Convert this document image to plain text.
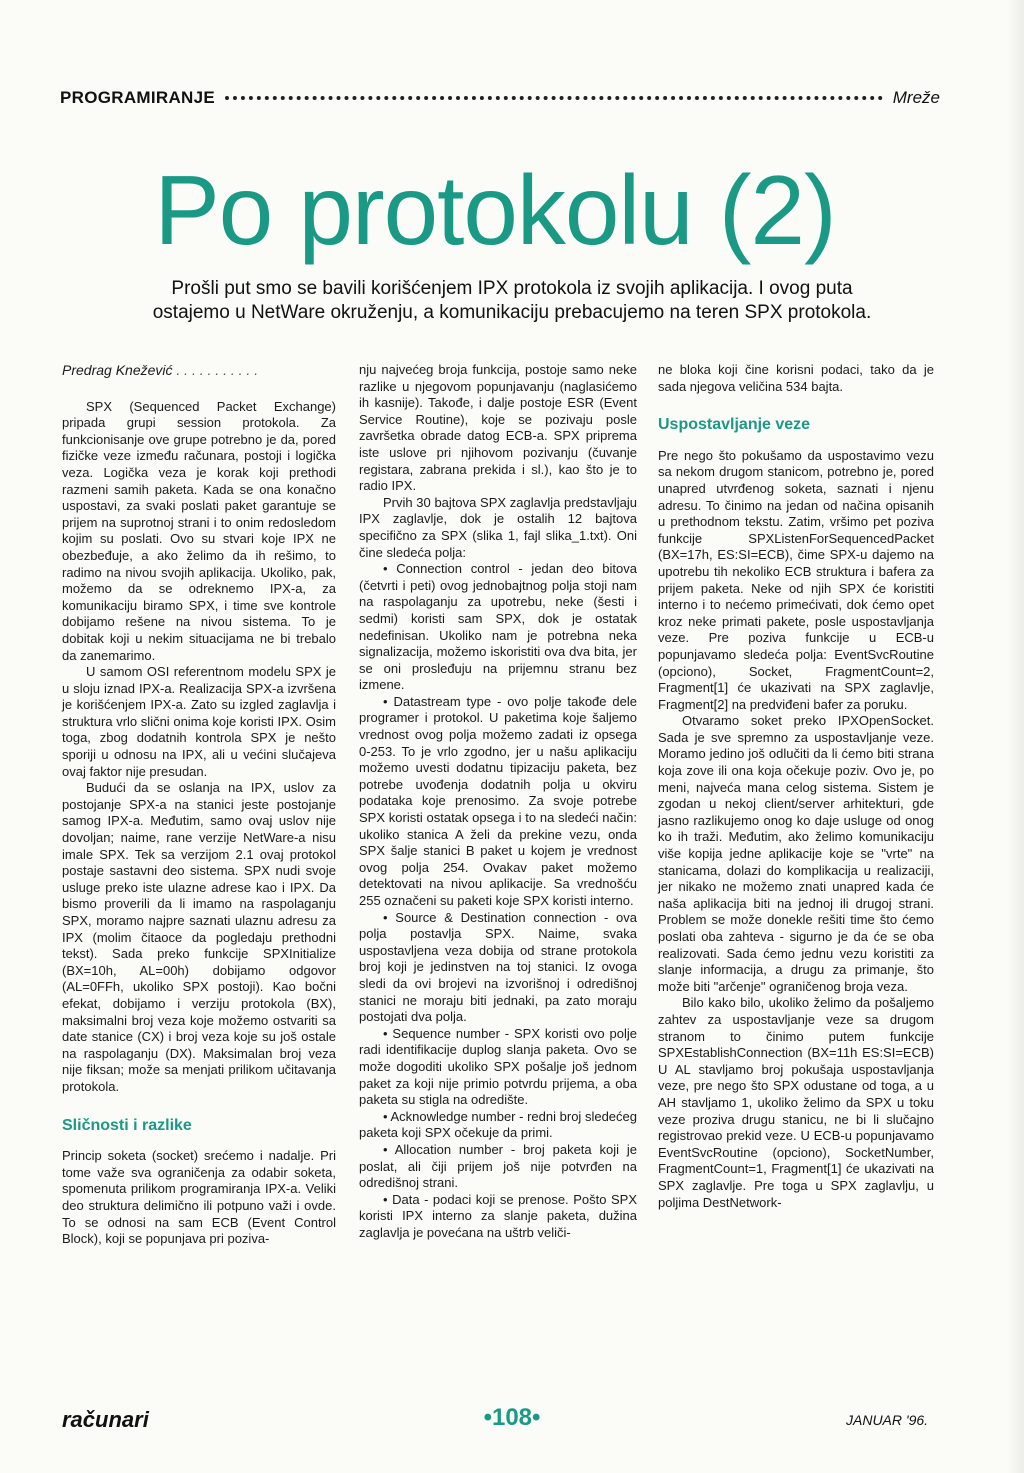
PROGRAMIRANJE	Mreže
Po protokolu (2)
Prošli put smo se bavili korišćenjem IPX protokola iz svojih aplikacija. I ovog puta ostajemo u NetWare okruženju, a komunikaciju prebacujemo na teren SPX protokola.

Predrag Knežević . . .

SPX (Sequenced Packet Exchange) pripada grupi session protokola. Za funkcionisanje ove grupe potrebno je da, pored fizičke veze između računara, postoji i logička veza. Logička veza je korak koji prethodi razmeni samih paketa. Kada se ona konačno uspostavi, za svaki poslati paket garantuje se prijem na suprotnoj strani i to onim redosledom kojim su poslati. Ovo su stvari koje IPX ne obezbeđuje, a ako želimo da ih rešimo, to radimo na nivou svojih aplikacija. Ukoliko, pak, možemo da se odreknemo IPX-a, za komunikaciju biramo SPX, i time sve kontrole dobijamo rešene na nivou sistema. To je dobitak koji u nekim situacijama ne bi trebalo da zanemarimo.

U samom OSI referentnom modelu SPX je u sloju iznad IPX-a. Realizacija SPX-a izvršena je korišćenjem IPX-a. Zato su izgled zaglavlja i struktura vrlo slični onima koje koristi IPX. Osim toga, zbog dodatnih kontrola SPX je nešto sporiji u odnosu na IPX, ali u većini slučajeva ovaj faktor nije presudan.

Budući da se oslanja na IPX, uslov za postojanje SPX-a na stanici jeste postojanje samog IPX-a. Međutim, samo ovaj uslov nije dovoljan; naime, rane verzije NetWare-a nisu imale SPX. Tek sa verzijom 2.1 ovaj protokol postaje sastavni deo sistema. SPX nudi svoje usluge preko iste ulazne adrese kao i IPX. Da bismo proverili da li imamo na raspolaganju SPX, moramo najpre saznati ulaznu adresu za IPX (molim čitaoce da pogledaju prethodni tekst). Sada preko funkcije SPXInitialize (BX=10h, AL=00h) dobijamo odgovor (AL=0FFh, ukoliko SPX postoji). Kao bočni efekat, dobijamo i verziju protokola (BX), maksimalni broj veza koje možemo ostvariti sa date stanice (CX) i broj veza koje su još ostale na raspolaganju (DX). Maksimalan broj veza nije fiksan; može sa menjati prilikom učitavanja protokola.

Sličnosti i razlike

Princip soketa (socket) srećemo i nadalje. Pri tome važe sva ograničenja za odabir soketa, spomenuta prilikom programiranja IPX-a. Veliki deo struktura delimično ili potpuno važi i ovde. To se odnosi na sam ECB (Event Control Block), koji se popunjava pri poziva-

nju najvećeg broja funkcija, postoje samo neke razlike u njegovom popunjavanju (naglasićemo ih kasnije). Takođe, i dalje postoje ESR (Event Service Routine), koje se pozivaju posle završetka obrade datog ECB-a. SPX priprema iste uslove pri njihovom pozivanju (čuvanje registara, zabrana prekida i sl.), kao što je to radio IPX.

Prvih 30 bajtova SPX zaglavlja predstavljaju IPX zaglavlje, dok je ostalih 12 bajtova specifično za SPX (slika 1, fajl slika_1.txt). Oni čine sledeća polja:

• Connection control - jedan deo bitova (četvrti i peti) ovog jednobajtnog polja stoji nam na raspolaganju za upotrebu, neke (šesti i sedmi) koristi sam SPX, dok je ostatak nedefinisan. Ukoliko nam je potrebna neka signalizacija, možemo iskoristiti ova dva bita, jer se oni prosleđuju na prijemnu stranu bez izmene.

• Datastream type - ovo polje takođe dele programer i protokol. U paketima koje šaljemo vrednost ovog polja možemo zadati iz opsega 0-253. To je vrlo zgodno, jer u našu aplikaciju možemo uvesti dodatnu tipizaciju paketa, bez potrebe uvođenja dodatnih polja u okviru podataka koje prenosimo. Za svoje potrebe SPX koristi ostatak opsega i to na sledeći način: ukoliko stanica A želi da prekine vezu, onda SPX šalje stanici B paket u kojem je vrednost ovog polja 254. Ovakav paket možemo detektovati na nivou aplikacije. Sa vrednošću 255 označeni su paketi koje SPX koristi interno.

• Source & Destination connection - ova polja postavlja SPX. Naime, svaka uspostavljena veza dobija od strane protokola broj koji je jedinstven na toj stanici. Iz ovoga sledi da ovi brojevi na izvorišnoj i odredišnoj stanici ne moraju biti jednaki, pa zato moraju postojati dva polja.

• Sequence number - SPX koristi ovo polje radi identifikacije duplog slanja paketa. Ovo se može dogoditi ukoliko SPX pošalje još jednom paket za koji nije primio potvrdu prijema, a oba paketa su stigla na odredište.

• Acknowledge number - redni broj sledećeg paketa koji SPX očekuje da primi.

• Allocation number - broj paketa koji je poslat, ali čiji prijem još nije potvrđen na odredišnoj strani.

• Data - podaci koji se prenose. Pošto SPX koristi IPX interno za slanje paketa, dužina zaglavlja je povećana na uštrb veliči-

ne bloka koji čine korisni podaci, tako da je sada njegova veličina 534 bajta.

Uspostavljanje veze

Pre nego što pokušamo da uspostavimo vezu sa nekom drugom stanicom, potrebno je, pored unapred utvrđenog soketa, saznati i njenu adresu. To činimo na jedan od načina opisanih u prethodnom tekstu. Zatim, vršimo pet poziva funkcije SPXListenForSequencedPacket (BX=17h, ES:SI=ECB), čime SPX-u dajemo na upotrebu tih nekoliko ECB struktura i bafera za prijem paketa. Neke od njih SPX će koristiti interno i to nećemo primećivati, dok ćemo opet kroz neke primati pakete, posle uspostavljanja veze. Pre poziva funkcije u ECB-u popunjavamo sledeća polja: EventSvcRoutine (opciono), Socket, FragmentCount=2, Fragment[1] će ukazivati na SPX zaglavlje, Fragment[2] na predviđeni bafer za poruku.

Otvaramo soket preko IPXOpenSocket. Sada je sve spremno za uspostavljanje veze. Moramo jedino još odlučiti da li ćemo biti strana koja zove ili ona koja očekuje poziv. Ovo je, po meni, najveća mana celog sistema. Sistem je zgodan u nekoj client/server arhitekturi, gde jasno razlikujemo onog ko daje usluge od onog ko ih traži. Međutim, ako želimo komunikaciju više kopija jedne aplikacije koje se "vrte" na stanicama, dolazi do komplikacija u realizaciji, jer nikako ne možemo znati unapred kada će naša aplikacija biti na jednoj ili drugoj strani. Problem se može donekle rešiti time što ćemo poslati oba zahteva - sigurno je da će se oba realizovati. Sada ćemo jednu vezu koristiti za slanje informacija, a drugu za primanje, što može biti "arčenje" ograničenog broja veza.

Bilo kako bilo, ukoliko želimo da pošaljemo zahtev za uspostavljanje veze sa drugom stranom to činimo putem funkcije SPXEstablishConnection (BX=11h ES:SI=ECB) U AL stavljamo broj pokušaja uspostavljanja veze, pre nego što SPX odustane od toga, a u AH stavljamo 1, ukoliko želimo da SPX u toku veze proziva drugu stanicu, ne bi li slučajno registrovao prekid veze. U ECB-u popunjavamo EventSvcRoutine (opciono), SocketNumber, FragmentCount=1, Fragment[1] će ukazivati na SPX zaglavlje. Pre toga u SPX zaglavlju, u poljima DestNetwork-

računari	•108•	JANUAR '96.
